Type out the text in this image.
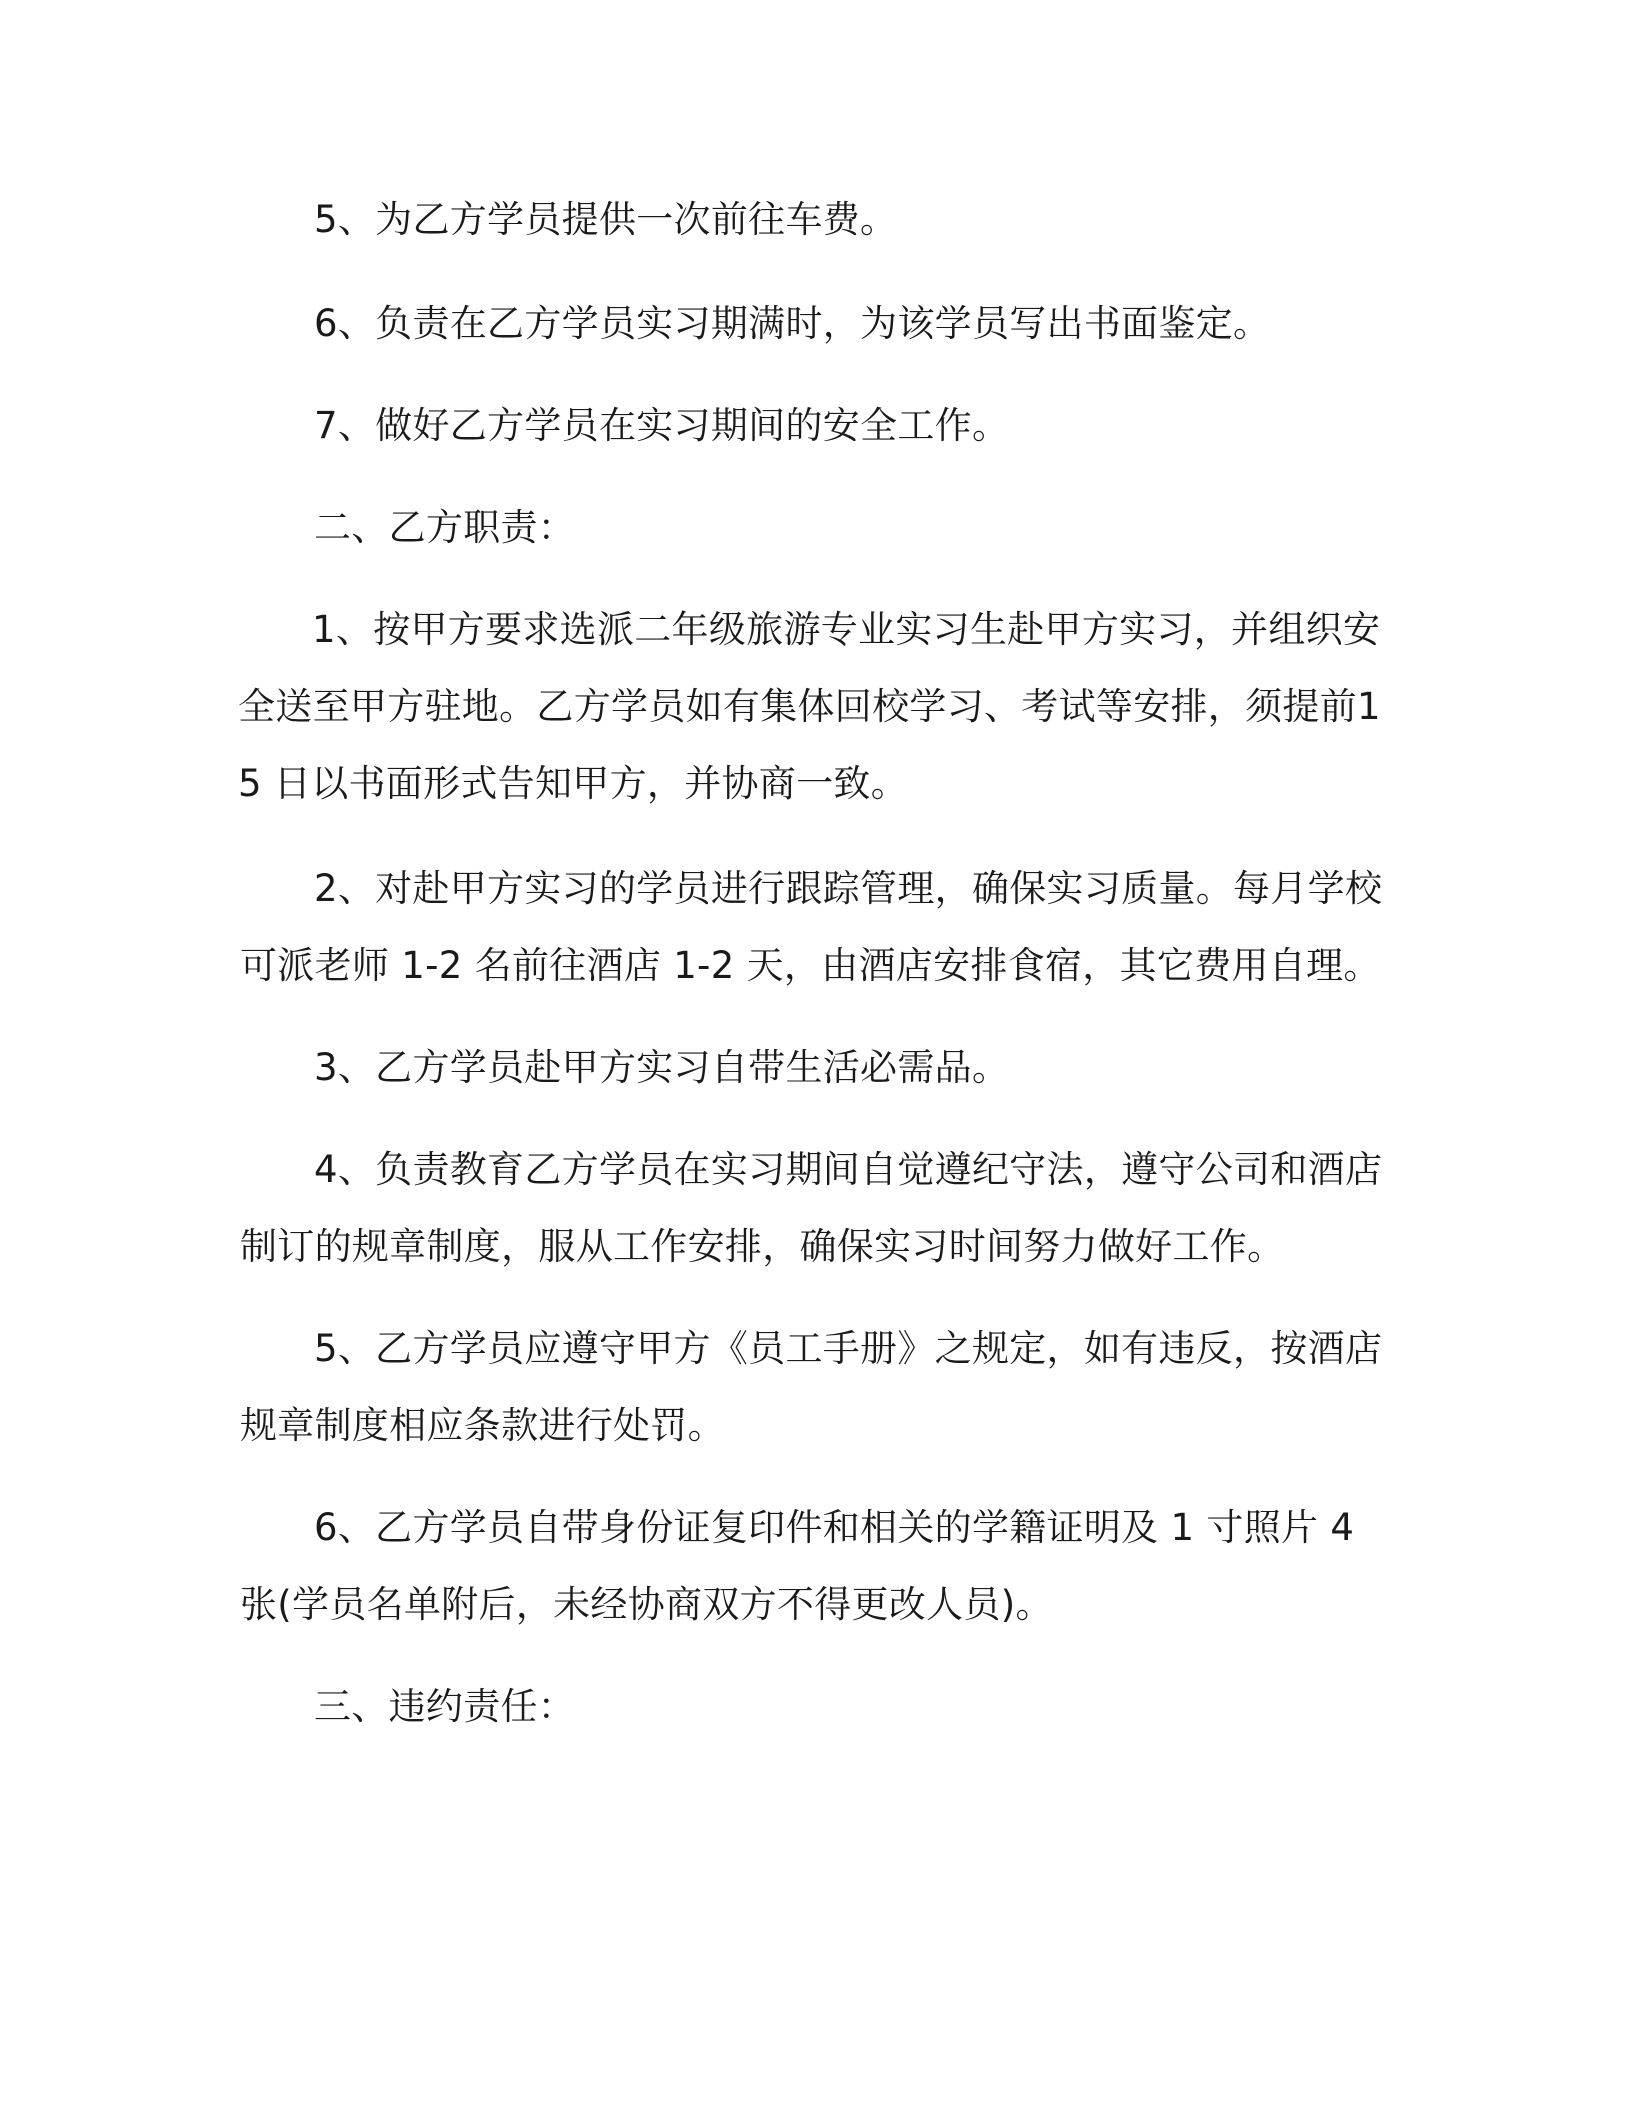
5、为乙方学员提供一次前往车费。

6、负责在乙方学员实习期满时，为该学员写出书面鉴定。

7、做好乙方学员在实习期间的安全工作。

二、乙方职责：

1、按甲方要求选派二年级旅游专业实习生赴甲方实习，并组织安全送至甲方驻地。乙方学员如有集体回校学习、考试等安排，须提前15 日以书面形式告知甲方，并协商一致。

2、对赴甲方实习的学员进行跟踪管理，确保实习质量。每月学校可派老师 1-2 名前往酒店 1-2 天，由酒店安排食宿，其它费用自理。

3、乙方学员赴甲方实习自带生活必需品。

4、负责教育乙方学员在实习期间自觉遵纪守法，遵守公司和酒店制订的规章制度，服从工作安排，确保实习时间努力做好工作。

5、乙方学员应遵守甲方《员工手册》之规定，如有违反，按酒店规章制度相应条款进行处罚。

6、乙方学员自带身份证复印件和相关的学籍证明及 1 寸照片 4 张(学员名单附后，未经协商双方不得更改人员)。

三、违约责任：
